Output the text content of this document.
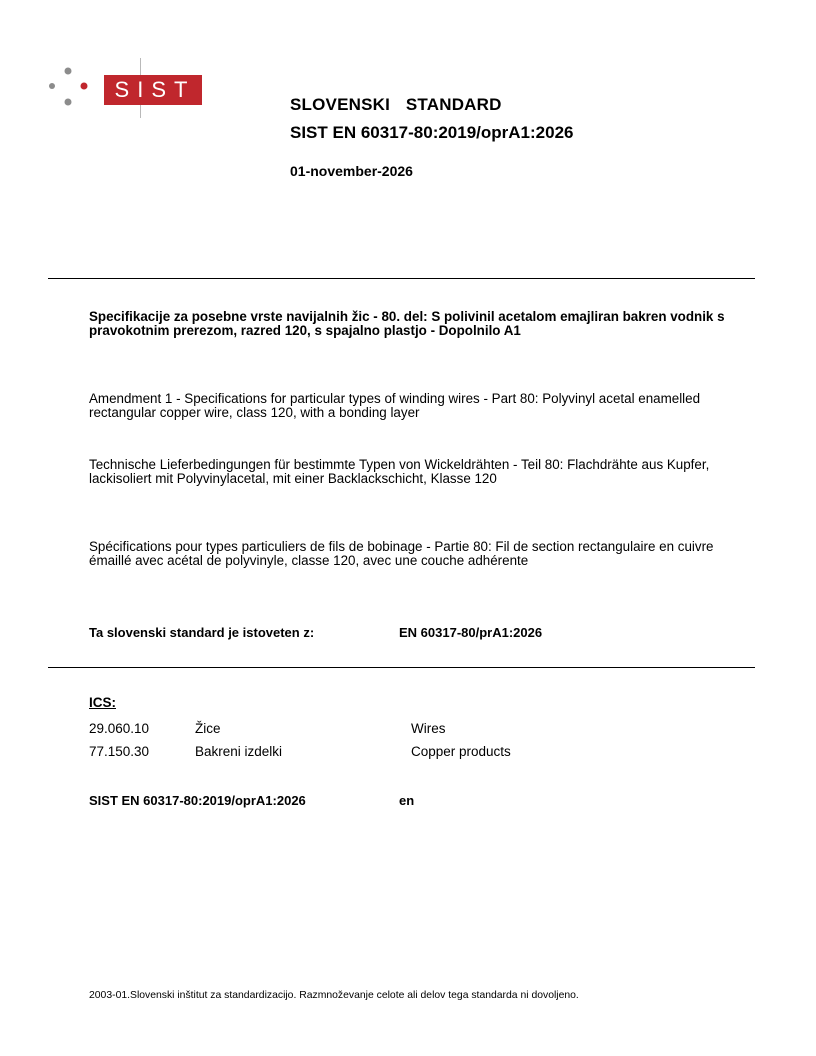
SIST
SLOVENSKI  STANDARD
SIST EN 60317-80:2019/oprA1:2026
01-november-2026
Specifikacije za posebne vrste navijalnih žic - 80. del: S polivinil acetalom emajliran bakren vodnik s pravokotnim prerezom, razred 120, s spajalno plastjo - Dopolnilo A1
Amendment 1 - Specifications for particular types of winding wires - Part 80: Polyvinyl acetal enamelled rectangular copper wire, class 120, with a bonding layer
Technische Lieferbedingungen für bestimmte Typen von Wickeldrähten - Teil 80: Flachdrähte aus Kupfer, lackisoliert mit Polyvinylacetal, mit einer Backlackschicht, Klasse 120
Spécifications pour types particuliers de fils de bobinage - Partie 80: Fil de section rectangulaire en cuivre émaillé avec acétal de polyvinyle, classe 120, avec une couche adhérente
Ta slovenski standard je istoveten z:	EN 60317-80/prA1:2026
ICS:
29.060.10	Žice	Wires
77.150.30	Bakreni izdelki	Copper products
SIST EN 60317-80:2019/oprA1:2026	en
2003-01.Slovenski inštitut za standardizacijo. Razmnoževanje celote ali delov tega standarda ni dovoljeno.
